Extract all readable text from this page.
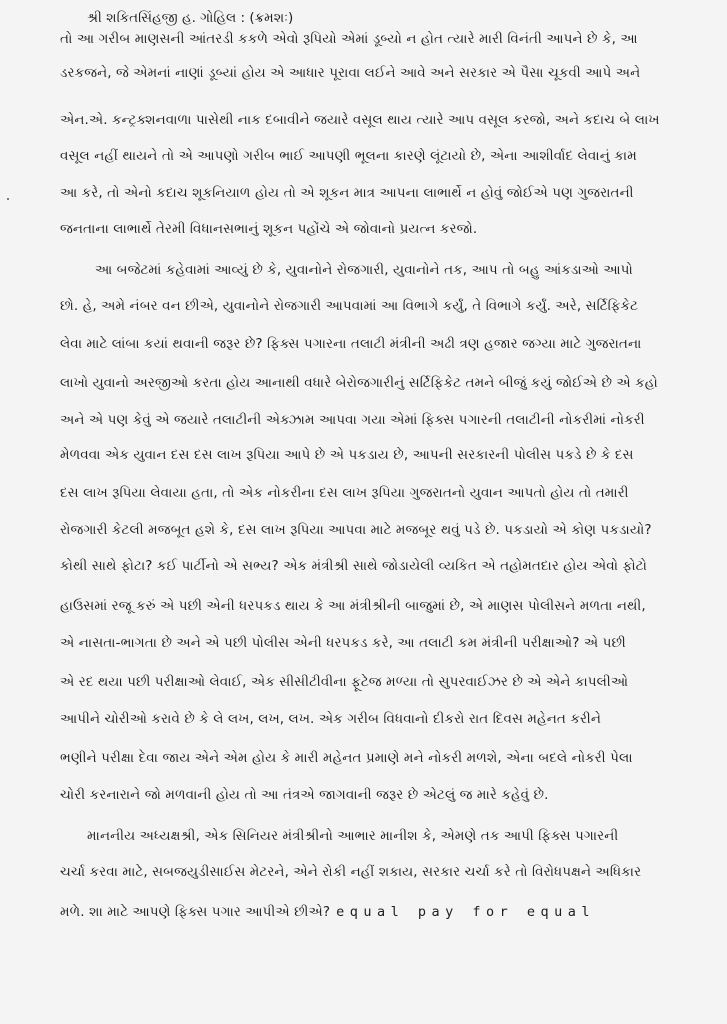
શ્રી શકિતસિંહજી હ. ગોહિલ : (ક્રમશઃ)
તો આ ગરીબ માણસની આંતરડી કકળે એવો રૂપિયો એમાં ડૂબ્યો ન હોત ત્યારે મારી વિનંતી આપને છે કે, આ
ડરકજને, જે એમનાં નાણાં ડૂબ્યાં હોય એ આધાર પૂરાવા લઈને આવે અને સરકાર એ પૈસા ચૂકવી આપે અને
એન.એ. કન્ટ્રક્શનવાળા પાસેથી નાક દબાવીને જયારે વસૂલ થાય ત્યારે આપ વસૂલ કરજો, અને કદાચ બે લાખ
વસૂલ નહીં થાયને તો એ આપણો ગરીબ ભાઈ આપણી ભૂલના કારણે લૂંટાયો છે, એના આશીર્વાદ લેવાનું કામ
આ કરે, તો એનો કદાચ શૂકનિયાળ હોય તો એ શૂકન માત્ર આપના લાભાર્થે ન હોવું જોઈએ પણ ગુજરાતની
જનતાના લાભાર્થે તેરમી વિધાનસભાનું શૂકન પહોંચે એ જોવાનો પ્રયત્ન કરજો.
આ બજેટમાં કહેવામાં આવ્યું છે કે, યુવાનોને રોજગારી, યુવાનોને તક, આપ તો બહુ આંકડાઓ આપો
છો. હે, અમે નંબર વન છીએ, યુવાનોને રોજગારી આપવામાં આ વિભાગે કર્યું, તે વિભાગે કર્યું. અરે, સર્ટિફિકેટ
લેવા માટે લાંબા કયાં થવાની જરૂર છે? ફિક્સ પગારના તલાટી મંત્રીની અઢી ત્રણ હજાર જગ્યા માટે ગુજરાતના
લાખો યુવાનો અરજીઓ કરતા હોય આનાથી વધારે બેરોજગારીનું સર્ટિફિકેટ તમને બીજું કયું જોઈએ છે એ કહો
અને એ પણ કેવું એ જયારે તલાટીની એક્ઝામ આપવા ગયા એમાં ફિક્સ પગારની તલાટીની નોકરીમાં નોકરી
મેળવવા એક યુવાન દસ દસ લાખ રૂપિયા આપે છે એ પકડાય છે, આપની સરકારની પોલીસ પકડે છે કે દસ
દસ લાખ રૂપિયા લેવાયા હતા, તો એક નોકરીના દસ લાખ રૂપિયા ગુજરાતનો યુવાન આપતો હોય તો તમારી
રોજગારી કેટલી મજબૂત હશે કે, દસ લાખ રૂપિયા આપવા માટે મજબૂર થવું પડે છે. પકડાયો એ કોણ પકડાયો?
કોથી સાથે ફોટા? કઈ પાર્ટીનો એ સભ્ય? એક મંત્રીશ્રી સાથે જોડાયેલી વ્યકિત એ તહોમતદાર હોય એવો ફોટો
હાઉસમાં રજૂ કરું એ પછી એની ધરપકડ થાય કે આ મંત્રીશ્રીની બાજુમાં છે, એ માણસ પોલીસને મળતા નથી,
એ નાસતા-ભાગતા છે અને એ પછી પોલીસ એની ધરપકડ કરે, આ તલાટી કમ મંત્રીની પરીક્ષાઓ? એ પછી
એ રદ થયા પછી પરીક્ષાઓ લેવાઈ, એક સીસીટીવીના ફૂટેજ મળ્યા તો સુપરવાઈઝર છે એ એને કાપલીઓ
આપીને ચોરીઓ કરાવે છે કે લે લખ, લખ, લખ. એક ગરીબ વિધવાનો દીકરો રાત દિવસ મહેનત કરીને
ભણીને પરીક્ષા દેવા જાય એને એમ હોય કે મારી મહેનત પ્રમાણે મને નોકરી મળશે, એના બદલે નોકરી પેલા
ચોરી કરનારાને જો મળવાની હોય તો આ તંત્રએ જાગવાની જરૂર છે એટલું જ મારે કહેવું છે.
માનનીય અધ્યક્ષશ્રી, એક સિનિયર મંત્રીશ્રીનો આભાર માનીશ કે, એમણે તક આપી ફિક્સ પગારની
ચર્ચા કરવા માટે, સબજયુડીસાઈસ મેટરને, એને રોકી નહીં શકાય, સરકાર ચર્ચા કરે તો વિરોધપક્ષને અધિકાર
મળે. શા માટે આપણે ફિક્સ પગાર આપીએ છીએ? equal pay for equal
